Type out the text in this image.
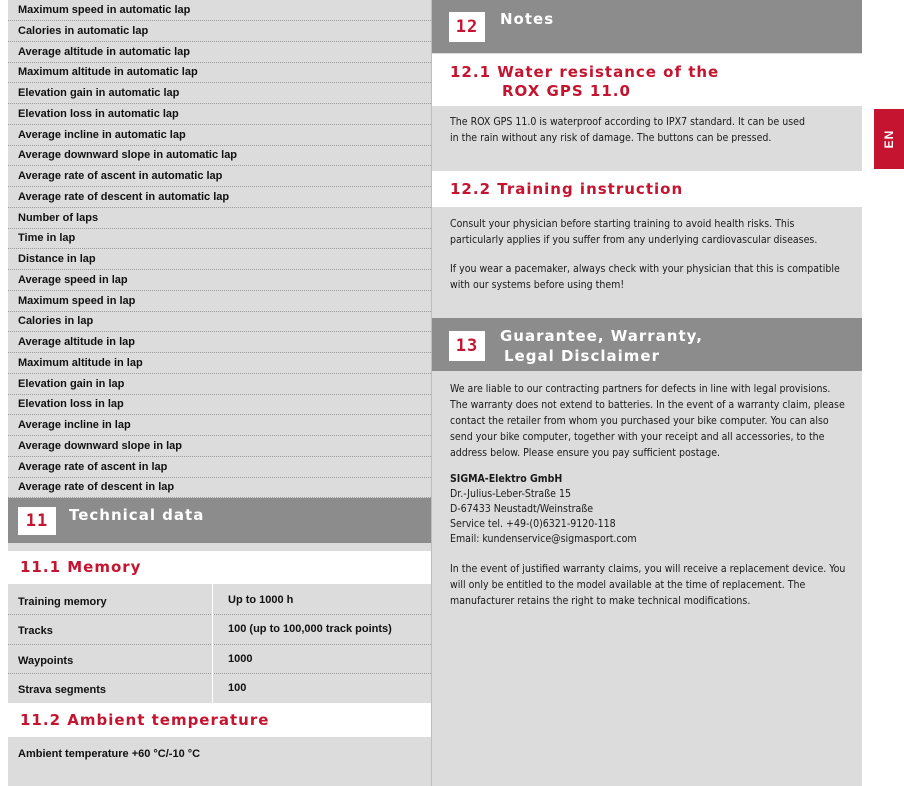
Maximum speed in automatic lap
Calories in automatic lap
Average altitude in automatic lap
Maximum altitude in automatic lap
Elevation gain in automatic lap
Elevation loss in automatic lap
Average incline in automatic lap
Average downward slope in automatic lap
Average rate of ascent in automatic lap
Average rate of descent in automatic lap
Number of laps
Time in lap
Distance in lap
Average speed in lap
Maximum speed in lap
Calories in lap
Average altitude in lap
Maximum altitude in lap
Elevation gain in lap
Elevation loss in lap
Average incline in lap
Average downward slope in lap
Average rate of ascent in lap
Average rate of descent in lap
11	Technical data
11.1 Memory
Training memory	Up to 1000 h
Tracks	100 (up to 100,000 track points)
Waypoints	1000
Strava segments	100
11.2 Ambient temperature
Ambient temperature +60 °C/-10 °C
12	Notes
12.1 Water resistance of the
ROX GPS 11.0
The ROX GPS 11.0 is waterproof according to IPX7 standard. It can be used in the rain without any risk of damage. The buttons can be pressed.
12.2 Training instruction
Consult your physician before starting training to avoid health risks. This particularly applies if you suffer from any underlying cardiovascular diseases.
If you wear a pacemaker, always check with your physician that this is compatible with our systems before using them!
13	Guarantee, Warranty,
Legal Disclaimer
We are liable to our contracting partners for defects in line with legal provisions. The warranty does not extend to batteries. In the event of a warranty claim, please contact the retailer from whom you purchased your bike computer. You can also send your bike computer, together with your receipt and all accessories, to the address below. Please ensure you pay sufficient postage.
SIGMA-Elektro GmbH
Dr.-Julius-Leber-Straße 15
D-67433 Neustadt/Weinstraße
Service tel. +49-(0)6321-9120-118
Email: kundenservice@sigmasport.com
In the event of justified warranty claims, you will receive a replacement device. You will only be entitled to the model available at the time of replacement. The manufacturer retains the right to make technical modifications.
EN
